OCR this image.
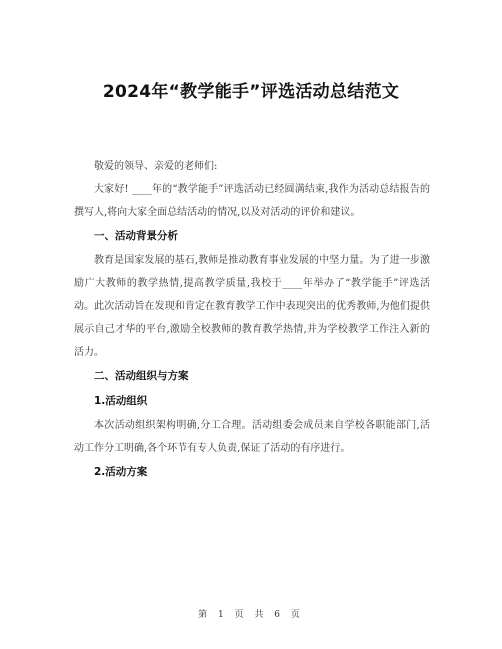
2024年“教学能手”评选活动总结范文

敬爱的领导、亲爱的老师们:

大家好! ____年的“教学能手”评选活动已经圆满结束,我作为活动总结报告的撰写人,将向大家全面总结活动的情况,以及对活动的评价和建议。

一、活动背景分析

教育是国家发展的基石,教师是推动教育事业发展的中坚力量。为了进一步激励广大教师的教学热情,提高教学质量,我校于____年举办了“教学能手”评选活动。此次活动旨在发现和肯定在教育教学工作中表现突出的优秀教师,为他们提供展示自己才华的平台,激励全校教师的教育教学热情,并为学校教学工作注入新的活力。

二、活动组织与方案

1.活动组织

本次活动组织架构明确,分工合理。活动组委会成员来自学校各职能部门,活动工作分工明确,各个环节有专人负责,保证了活动的有序进行。

2.活动方案

第 1 页 共 6 页
